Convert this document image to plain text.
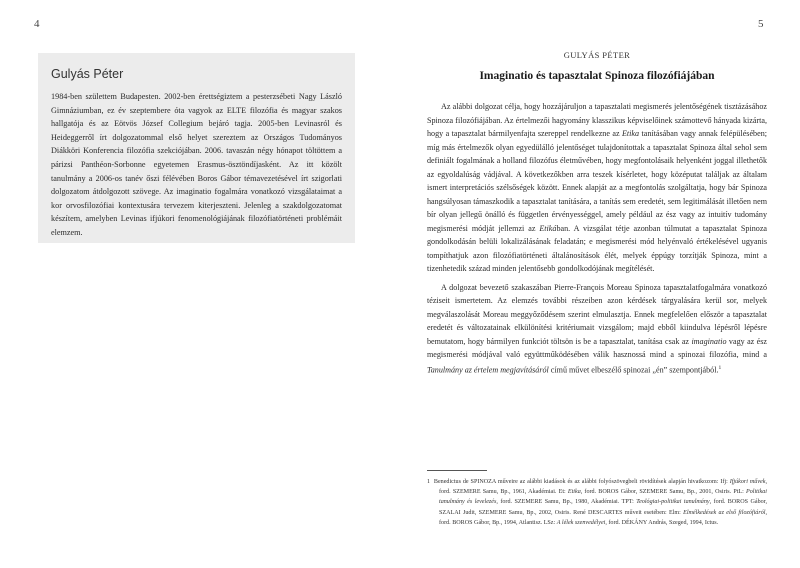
4	5
Gulyás Péter

1984-ben születtem Budapesten. 2002-ben érettségiztem a pesterzsébeti Nagy László Gimnáziumban, ez év szeptembere óta vagyok az ELTE filozófia és magyar szakos hallgatója és az Eötvös József Collegium bejáró tagja. 2005-ben Levinasról és Heideggerről írt dolgozatommal első helyet szereztem az Országos Tudományos Diákköri Konferencia filozófia szekciójában. 2006. tavaszán négy hónapot töltöttem a párizsi Panthéon-Sorbonne egyetemen Erasmus-ösztöndíjasként. Az itt közölt tanulmány a 2006-os tanév őszi félévében Boros Gábor témavezetésével írt szigorlati dolgozatom átdolgozott szövege. Az imaginatio fogalmára vonatkozó vizsgálataimat a kor orvosfilozófiai kontextusára tervezem kiterjeszteni. Jelenleg a szakdolgozatomat készítem, amelyben Levinas ifjúkori fenomenológiájának filozófiatörténeti problémáit elemzem.

GULYÁS PÉTER

Imaginatio és tapasztalat Spinoza filozófiájában

Az alábbi dolgozat célja, hogy hozzájáruljon a tapasztalati megismerés jelentőségének tisztázásához Spinoza filozófiájában. Az értelmezői hagyomány klasszikus képviselőinek számottevő hányada kizárta, hogy a tapasztalat bármilyenfajta szereppel rendelkezne az Etika tanításában vagy annak felépülésében; míg más értelmezők olyan egyedülálló jelentőséget tulajdonítottak a tapasztalat Spinoza által sehol sem definiált fogalmának a holland filozófus életművében, hogy megfontolásaik helyenként joggal illethetők az egyoldalúság vádjával. A következőkben arra teszek kísérletet, hogy középutat találjak az általam ismert interpretációs szélsőségek között. Ennek alapját az a megfontolás szolgáltatja, hogy bár Spinoza hangsúlyosan támaszkodik a tapasztalat tanítására, a tanítás sem eredetét, sem legitimálását illetően nem bír olyan jellegű önálló és független érvényességgel, amely például az ész vagy az intuitív tudomány megismerési módját jellemzi az Etikában. A vizsgálat tétje azonban túlmutat a tapasztalat Spinoza gondolkodásán belüli lokalizálásának feladatán; e megismerési mód helyénvaló értékelésével ugyanis tompíthatjuk azon filozófiatörténeti általánosítások élét, melyek éppúgy torzítják Spinoza, mint a tizenhetedik század minden jelentősebb gondolkodójának megítélését.

A dolgozat bevezető szakaszában Pierre-François Moreau Spinoza tapasztalatfogalmára vonatkozó téziseit ismertetem. Az elemzés további részeiben azon kérdések tárgyalására kerül sor, melyek megválaszolását Moreau meggyőződésem szerint elmulasztja. Ennek megfelelően először a tapasztalat eredetét és változatainak elkülönítési kritériumait vizsgálom; majd ebből kiindulva lépésről lépésre bemutatom, hogy bármilyen funkciót töltsön is be a tapasztalat, tanítása csak az imaginatio vagy az ész megismerési módjával való együttműködésében válik hasznossá mind a spinozai filozófia, mind a Tanulmány az értelem megjavításáról című művet elbeszélő spinozai „én” szempontjából.$^1$

1 Benedictus de SPINOZA műveire az alábbi kiadások és az alábbi folyószövegbeli rövidítések alapján hivatkozom: Ifj: Ifjúkori művek, ford. SZEMERE Samu, Bp., 1961, Akadémiai. Et: Etika, ford. BOROS Gábor, SZEMERE Samu, Bp., 2001, Osiris. PtL: Politikai tanulmány és levelezés, ford. SZEMERE Samu, Bp., 1980, Akadémiai. TPT: Teológiai-politikai tanulmány, ford. BOROS Gábor, SZALAI Judit, SZEMERE Samu, Bp., 2002, Osiris. René DESCARTES műveit esetében: Elm: Elmélkedések az első filozófiáról, ford. BOROS Gábor, Bp., 1994, Atlantisz. LSz: A lélek szenvedélyei, ford. DÉKÁNY András, Szeged, 1994, Ictus.
